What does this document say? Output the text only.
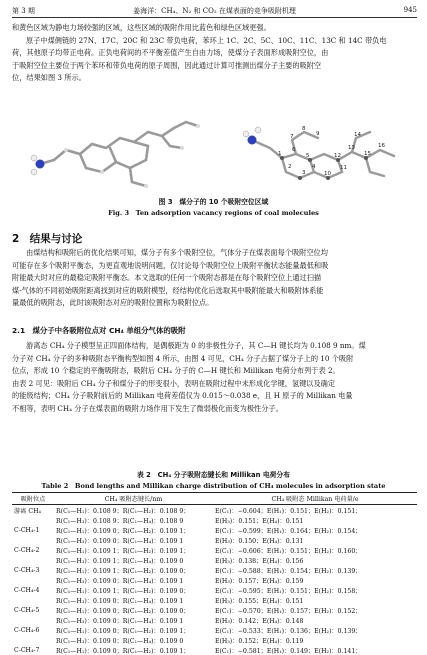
第 3 期	姜海洋：CH₄、N₂ 和 CO₂ 在煤表面的竞争吸附机理	945
和黄色区域为静电力场较强的区域，这些区域的吸附作用比蓝色和绿色区域更强。
原子中煤侧链的 27N、17C、20C 和 23C 带负电荷，苯环上 1C、2C、5C、10C、11C、13C 和 14C 带负电
荷，其他原子均带正电荷。正负电荷间的不平衡差值产生自由力场，使煤分子表面形成吸附空位，由
于吸附空位主要位于两个苯环和带负电荷的原子周围，因此通过计算可推测出煤分子主要的吸附空
位，结果如图 3 所示。
1
2
3
4
5
6
7
8
9
10
11
12
13
14
15
16
图 3　煤分子的 10 个吸附空位区域
Fig. 3　Ten adsorption vacancy regions of coal molecules
2　结果与讨论
由煤结构和吸附后的优化结果可知，煤分子有多个吸附空位，气体分子在煤表面每个吸附空位均
可能存在多个吸附平衡态，为更直观地说明问题，仅讨论每个吸附空位上吸附平衡状态能量最低和吸
附能最大时对应的最稳定吸附平衡态。本文选取的任何一个吸附态都是在每个吸附空位上通过扫描
煤-气体的不同初始吸附距离找到对应的吸附模型，经结构优化后选取其中吸附能最大和吸附体系能
量最低的吸附态，此时该吸附态对应的吸附位置称为吸附位点。
2.1　煤分子中各吸附位点对 CH₄ 单组分气体的吸附
游离态 CH₄ 分子模型呈正四面体结构，是偶极距为 0 的非极性分子，其 C—H 键长均为 0.108 9 nm。煤
分子对 CH₄ 分子的多种吸附态平衡构型如图 4 所示，由图 4 可见，CH₄ 分子占据了煤分子上的 10 个吸附
位点，形成 10 个稳定的平衡吸附态，吸附后 CH₄ 分子的 C—H 键长和 Millikan 电荷分布列于表 2。
由表 2 可见：吸附后 CH₄ 分子和煤分子的形变很小，表明在吸附过程中未形成化学键，氢键以及确定
的能级结构；CH₄ 分子吸附前后的 Millikan 电荷差值仅为 0.015～0.038 e，且 H 原子的 Millikan 电量
不相等，表明 CH₄ 分子在煤表面的吸附力场作用下发生了微弱极化而变为极性分子。
表 2　CH₄ 分子吸附态键长和 Millikan 电荷分布
Table 2　Bond lengths and Millikan charge distribution of CH₄ molecules in adsorption state
吸附位点	CH₄ 吸附态键长/nm	CH₄ 吸附态 Millikan 电荷量/e
游离 CH₄	R(C₁—H₁)：0.108 9；R(C₁—H₂)：0.108 9；	E(C₁)：−0.604；E(H₁)：0.151；E(H₂)：0.151；
	R(C₁—H₃)：0.108 9；R(C₁—H₄)：0.108 9	E(H₃)：0.151；E(H₄)：0.151
C-CH₄-1	R(C₁—H₁)：0.109 0；R(C₁—H₂)：0.109 1；	E(C₁)：−0.599；E(H₁)：0.164；E(H₂)：0.154；
	R(C₁—H₃)：0.109 0；R(C₁—H₄)：0.109 1	E(H₃)：0.150；E(H₄)：0.131
C-CH₄-2	R(C₁—H₁)：0.109 1；R(C₁—H₂)：0.109 1；	E(C₁)：−0.606；E(H₁)：0.151；E(H₂)：0.160；
	R(C₁—H₃)：0.109 1；R(C₁—H₄)：0.109 0	E(H₃)：0.138；E(H₄)：0.156
C-CH₄-3	R(C₁—H₁)：0.109 1；R(C₁—H₂)：0.109 0；	E(C₁)：−0.588；E(H₁)：0.154；E(H₂)：0.139；
	R(C₁—H₃)：0.109 0；R(C₁—H₄)：0.109 1	E(H₃)：0.157；E(H₄)：0.159
C-CH₄-4	R(C₁—H₁)：0.109 1；R(C₁—H₂)：0.109 0；	E(C₁)：−0.595；E(H₁)：0.151；E(H₂)：0.158；
	R(C₁—H₃)：0.109 0；R(C₁—H₄)：0.109 1	E(H₃)：0.155；E(H₄)：0.151
C-CH₄-5	R(C₁—H₁)：0.109 0；R(C₁—H₂)：0.109 0；	E(C₁)：−0.570；E(H₁)：0.157；E(H₂)：0.152；
	R(C₁—H₃)：0.109 0；R(C₁—H₄)：0.109 1	E(H₃)：0.142；E(H₄)：0.148
C-CH₄-6	R(C₁—H₁)：0.109 0；R(C₁—H₂)：0.109 1；	E(C₁)：−0.533；E(H₁)：0.136；E(H₂)：0.139；
	R(C₁—H₃)：0.109 0；R(C₁—H₄)：0.109 0	E(H₃)：0.152；E(H₄)：0.119
C-CH₄-7	R(C₁—H₁)：0.109 0；R(C₁—H₂)：0.109 1；	E(C₁)：−0.581；E(H₁)：0.149；E(H₂)：0.141；
